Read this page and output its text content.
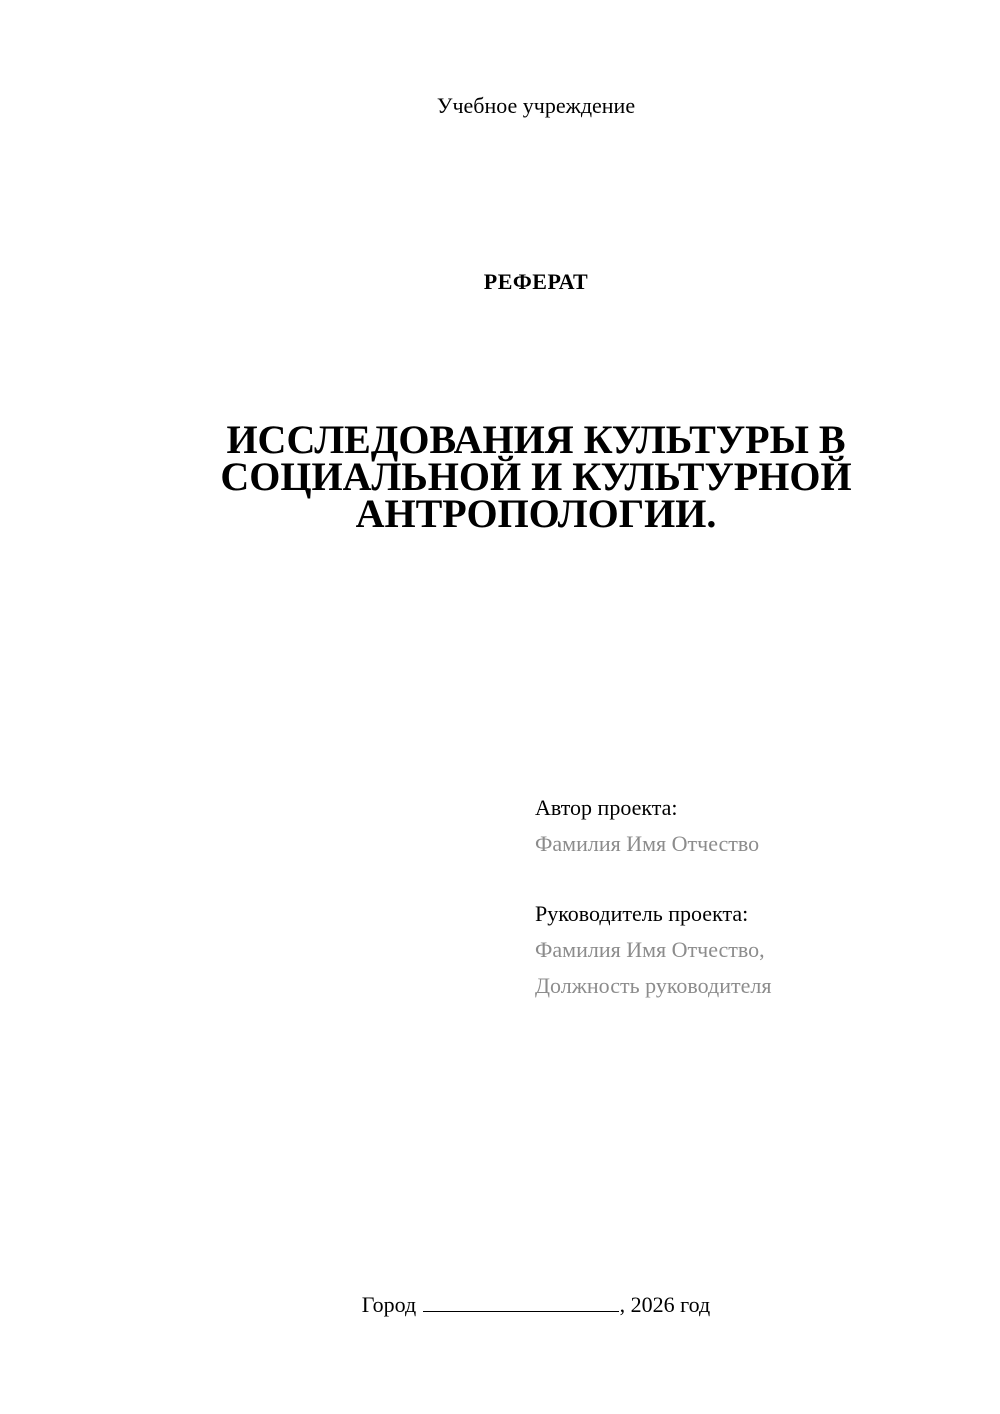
Учебное учреждение
РЕФЕРАТ
ИССЛЕДОВАНИЯ КУЛЬТУРЫ В
СОЦИАЛЬНОЙ И КУЛЬТУРНОЙ
АНТРОПОЛОГИИ.
Автор проекта:
Фамилия Имя Отчество
Руководитель проекта:
Фамилия Имя Отчество,
Должность руководителя
Город	, 2026 год
